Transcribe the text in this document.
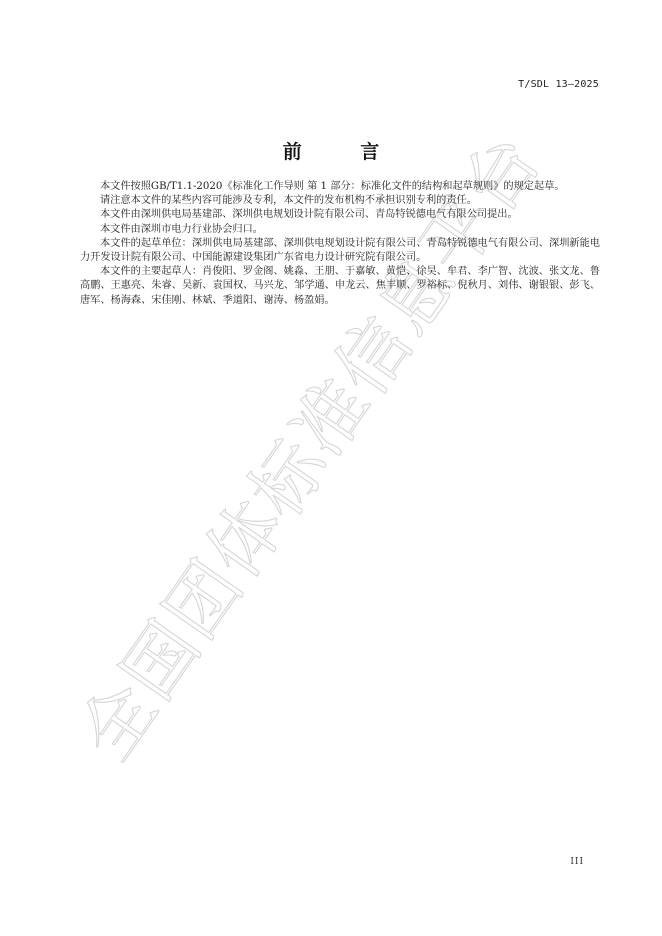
全国团体标准信息平台
T/SDL 13—2025
前 言

本文件按照GB/T1.1-2020《标准化工作导则 第 1 部分：标准化文件的结构和起草规则》的规定起草。

请注意本文件的某些内容可能涉及专利，本文件的发布机构不承担识别专利的责任。

本文件由深圳供电局基建部、深圳供电规划设计院有限公司、青岛特锐德电气有限公司提出。

本文件由深圳市电力行业协会归口。

本文件的起草单位：深圳供电局基建部、深圳供电规划设计院有限公司、青岛特锐德电气有限公司、深圳新能电力开发设计院有限公司、中国能源建设集团广东省电力设计研究院有限公司。

本文件的主要起草人：肖俊阳、罗金阁、姚淼、王朋、于嘉敏、黄恺、徐昊、牟君、李广智、沈波、张文龙、鲁高鹏、王惠亮、朱睿、吴新、袁国权、马兴龙、邹学通、申龙云、焦丰顺、罗裕标、倪秋月、刘伟、谢银银、彭飞、唐军、杨海森、宋佳刚、林斌、季道阳、谢涛、杨盈娟。

III
